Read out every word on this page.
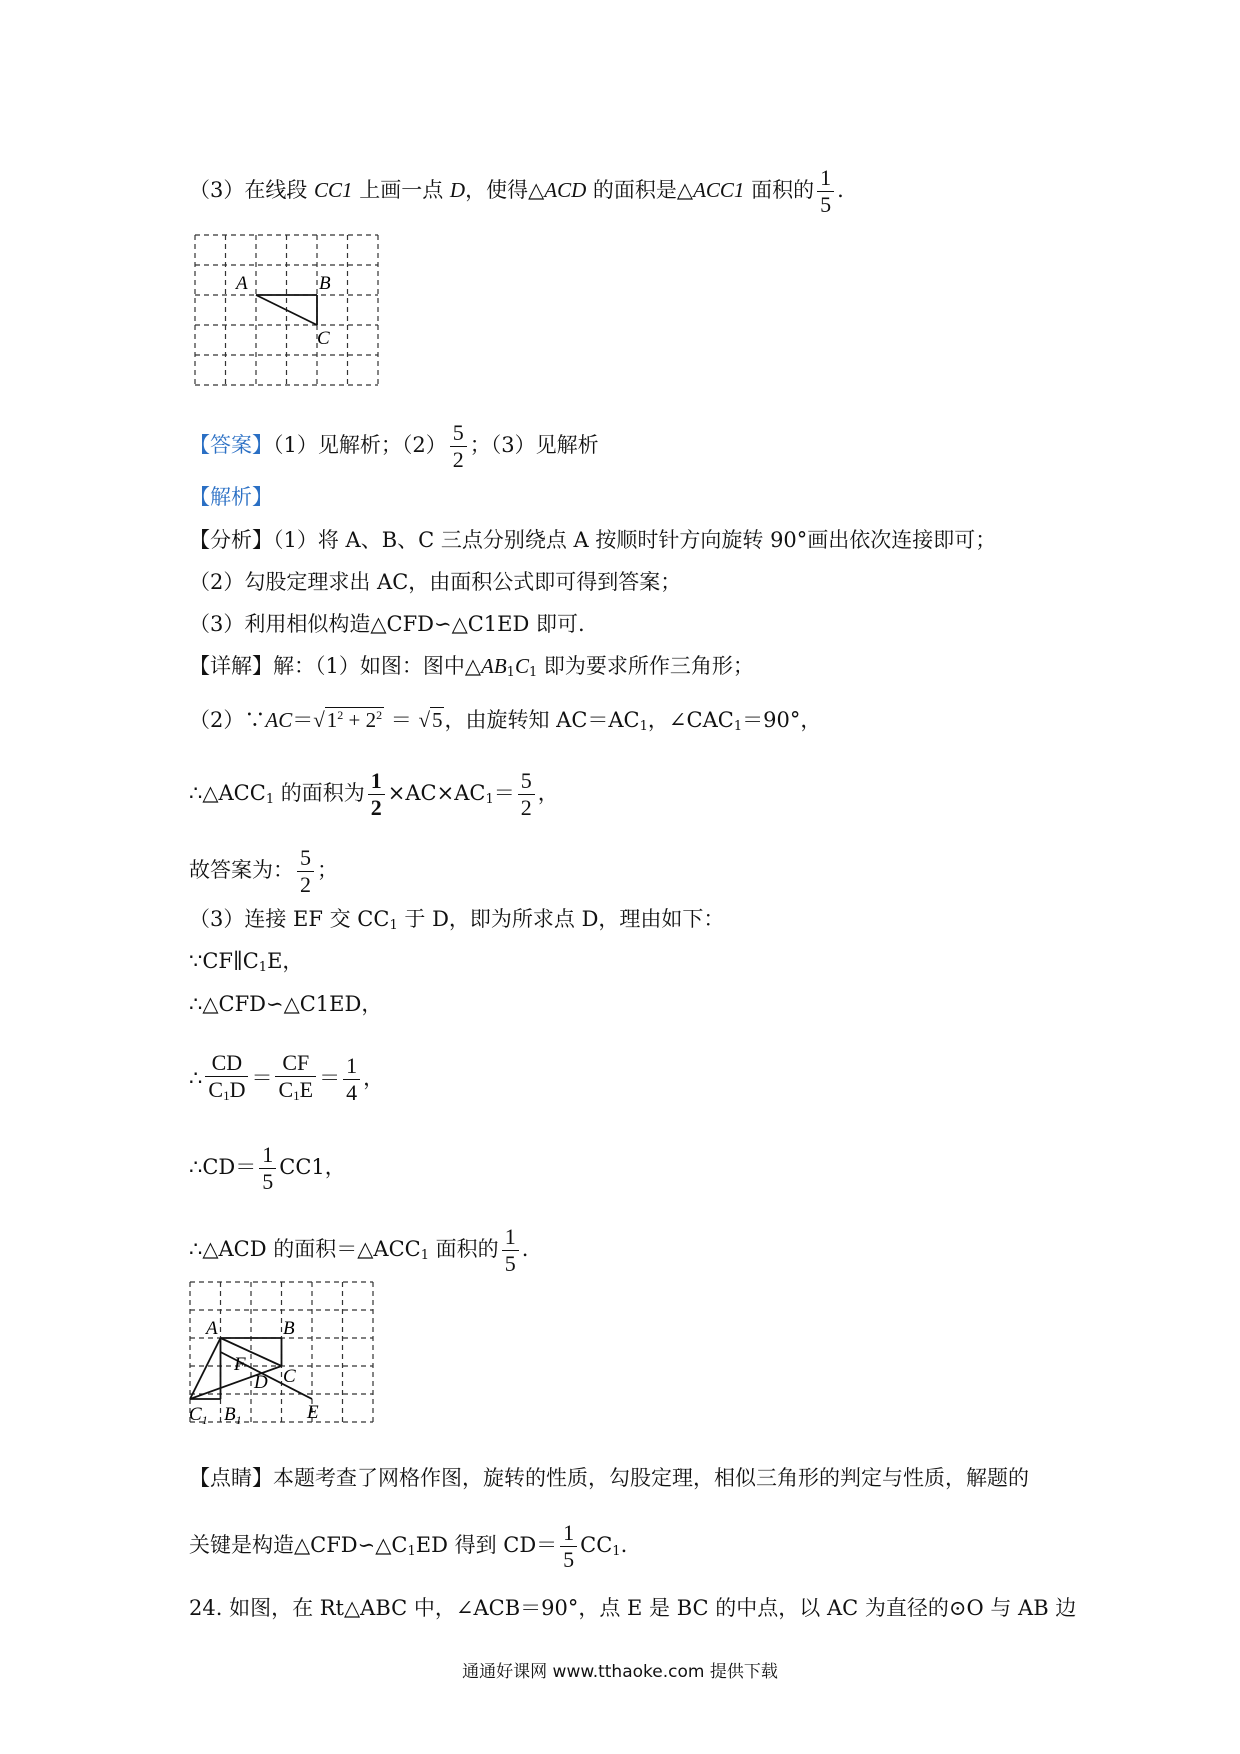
（3）在线段 CC1 上画一点 D，使得△ACD 的面积是△ACC1 面积的 $\frac{1}{5}$ .
A	B
C
【答案】（1）见解析；$(2) \frac{5}{2}$ ；（3）见解析
【解析】
【分析】（1）将 A、B、C 三点分别绕点 A 按顺时针方向旋转 90°画出依次连接即可；
（2）勾股定理求出 AC，由面积公式即可得到答案；
（3）利用相似构造△CFD∽△C1ED 即可.
【详解】解：（1）如图：图中$\triangle AB_1C_1$ 即为要求所作三角形；
$(2)\because AC=√1^2 + 2^2 = √5$，由旋转知 $AC=AC_1$，$\angle CAC_1=90^\circ$，
$\therefore\triangle ACC_1$ 的面积为 $\frac{1}{2} \times AC\times AC_1= \frac{5}{2}$ ，
故答案为： $\frac{5}{2}$ ；
（3）连接 EF 交 $CC_1$ 于 D，即为所求点 D，理由如下：
$\because CF\parallel C_1E$，
∴△CFD∽△C1ED，
∴ $\frac{CD}{C_1D} = \frac{CF}{C_1E} = \frac{1}{4}$ ，
∴CD＝ $\frac{1}{5} CC1$，
∴△ACD 的面积$=\triangle ACC_1$ 面积的 $\frac{1}{5}$ .
A	B
C
F
D
E
$C_1$ $B_1$
【点睛】本题考查了网格作图，旋转的性质，勾股定理，相似三角形的判定与性质，解题的
关键是构造$\triangle CFD∽\triangle C_1ED$ 得到 $CD= \frac{1}{5} CC_1$.
24. 如图，在 Rt△ABC 中，∠ACB＝90°，点 E 是 BC 的中点，以 AC 为直径的⊙O 与 AB 边
通通好课网 www.tthaoke.com 提供下载
